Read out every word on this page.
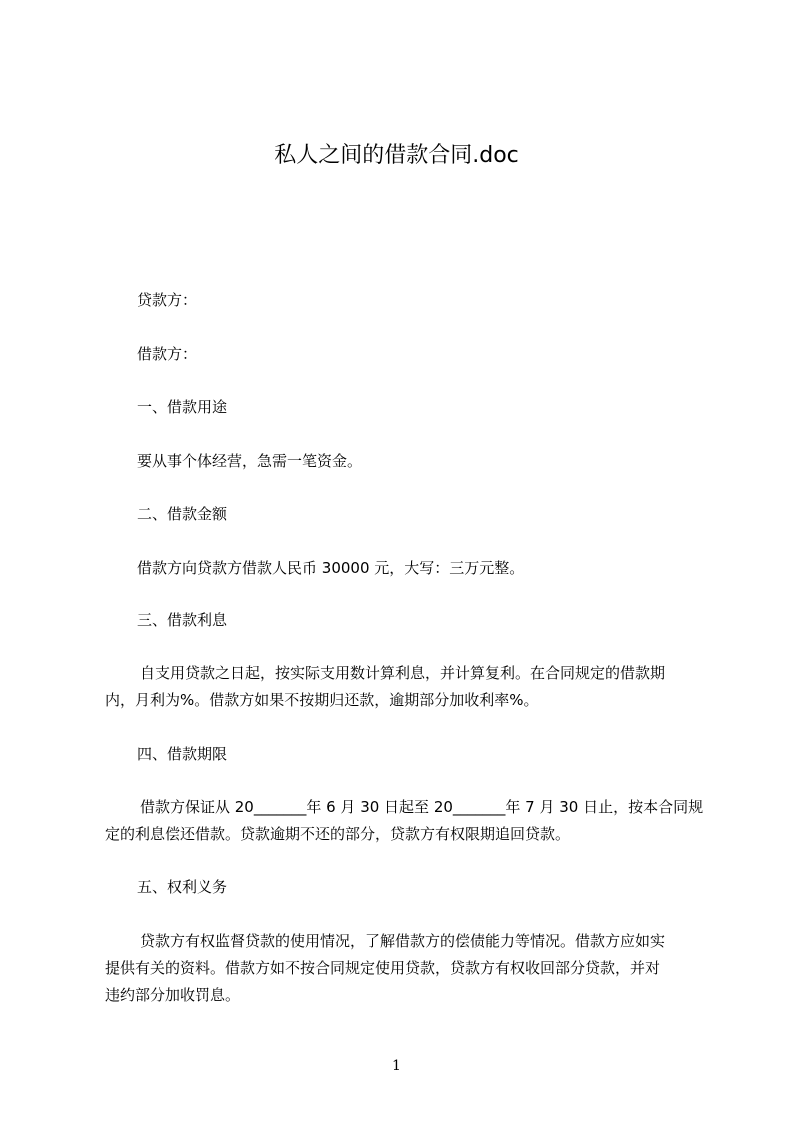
私人之间的借款合同.doc

贷款方：

借款方：

一、借款用途

要从事个体经营，急需一笔资金。

二、借款金额

借款方向贷款方借款人民币 30000 元，大写：三万元整。

三、借款利息

自支用贷款之日起，按实际支用数计算利息，并计算复利。在合同规定的借款期

内，月利为%。借款方如果不按期归还款，逾期部分加收利率%。

四、借款期限

借款方保证从 20_______年 6 月 30 日起至 20_______年 7 月 30 日止，按本合同规

定的利息偿还借款。贷款逾期不还的部分，贷款方有权限期追回贷款。

五、权利义务

贷款方有权监督贷款的使用情况，了解借款方的偿债能力等情况。借款方应如实

提供有关的资料。借款方如不按合同规定使用贷款，贷款方有权收回部分贷款，并对

违约部分加收罚息。

1
